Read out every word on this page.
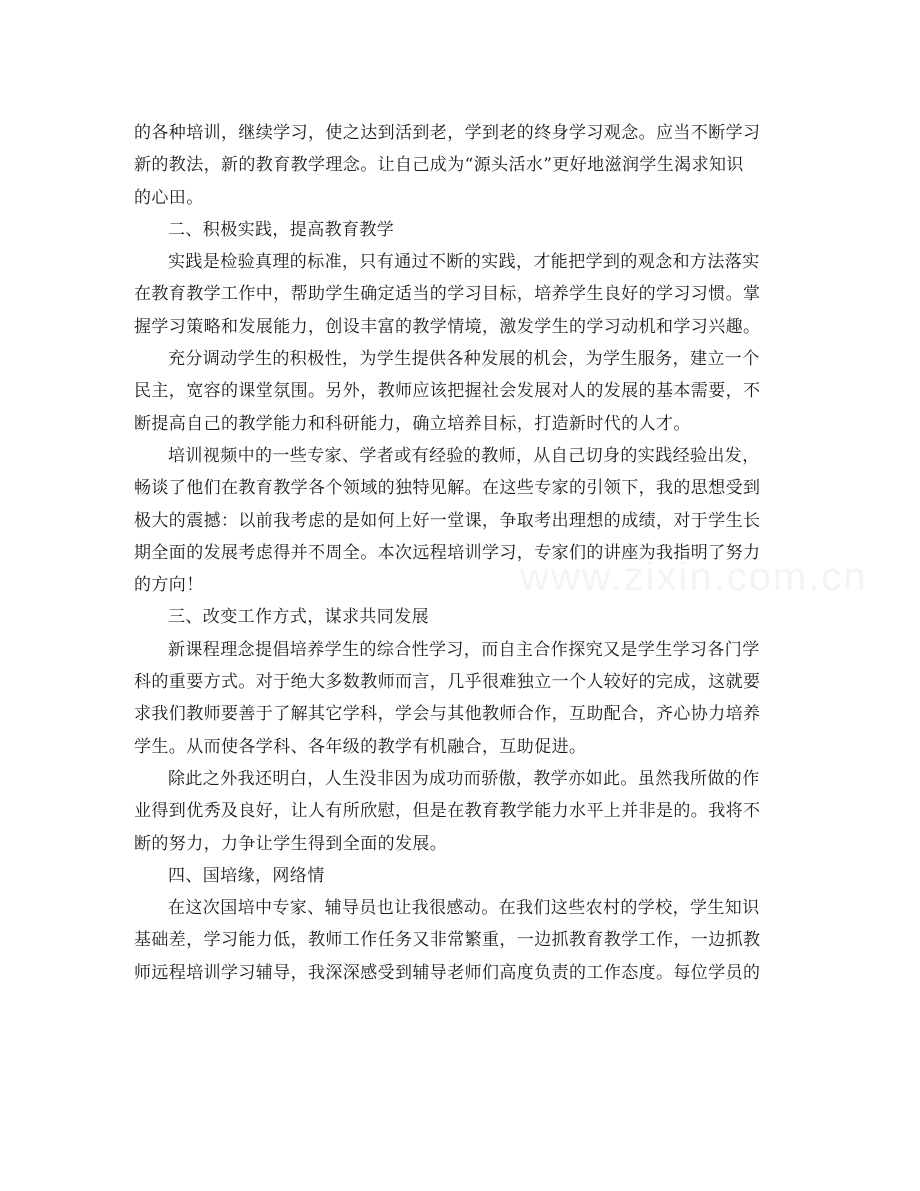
的各种培训，继续学习，使之达到活到老，学到老的终身学习观念。应当不断学习
新的教法，新的教育教学理念。让自己成为“源头活水”更好地滋润学生渴求知识
的心田。
二、积极实践，提高教育教学
实践是检验真理的标准，只有通过不断的实践，才能把学到的观念和方法落实
在教育教学工作中，帮助学生确定适当的学习目标，培养学生良好的学习习惯。掌
握学习策略和发展能力，创设丰富的教学情境，激发学生的学习动机和学习兴趣。
充分调动学生的积极性，为学生提供各种发展的机会，为学生服务，建立一个
民主，宽容的课堂氛围。另外，教师应该把握社会发展对人的发展的基本需要，不
断提高自己的教学能力和科研能力，确立培养目标，打造新时代的人才。
培训视频中的一些专家、学者或有经验的教师，从自己切身的实践经验出发，
畅谈了他们在教育教学各个领域的独特见解。在这些专家的引领下，我的思想受到
极大的震撼：以前我考虑的是如何上好一堂课，争取考出理想的成绩，对于学生长
期全面的发展考虑得并不周全。本次远程培训学习，专家们的讲座为我指明了努力
的方向！
三、改变工作方式，谋求共同发展
新课程理念提倡培养学生的综合性学习，而自主合作探究又是学生学习各门学
科的重要方式。对于绝大多数教师而言，几乎很难独立一个人较好的完成，这就要
求我们教师要善于了解其它学科，学会与其他教师合作，互助配合，齐心协力培养
学生。从而使各学科、各年级的教学有机融合，互助促进。
除此之外我还明白，人生没非因为成功而骄傲，教学亦如此。虽然我所做的作
业得到优秀及良好，让人有所欣慰，但是在教育教学能力水平上并非是的。我将不
断的努力，力争让学生得到全面的发展。
四、国培缘，网络情
在这次国培中专家、辅导员也让我很感动。在我们这些农村的学校，学生知识
基础差，学习能力低，教师工作任务又非常繁重，一边抓教育教学工作，一边抓教
师远程培训学习辅导，我深深感受到辅导老师们高度负责的工作态度。每位学员的
